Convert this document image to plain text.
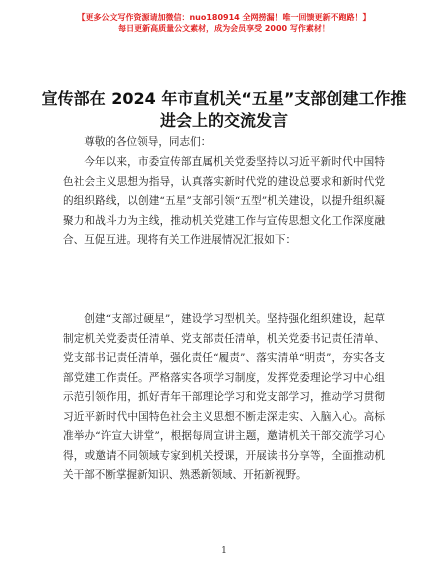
【更多公文写作资源请加微信：nuo180914 全网捞漏！唯一回馈更新不跑路！】
每日更新高质量公文素材，成为会员享受 2000 写作素材！
宣传部在 2024 年市直机关“五星”支部创建工作推进会上的交流发言

尊敬的各位领导，同志们：

今年以来，市委宣传部直属机关党委坚持以习近平新时代中国特色社会主义思想为指导，认真落实新时代党的建设总要求和新时代党的组织路线，以创建“五星”支部引领“五型”机关建设，以提升组织凝聚力和战斗力为主线，推动机关党建工作与宣传思想文化工作深度融合、互促互进。现将有关工作进展情况汇报如下：

创建“支部过硬星”，建设学习型机关。坚持强化组织建设，起草制定机关党委责任清单、党支部责任清单，机关党委书记责任清单、党支部书记责任清单，强化责任“履责”、落实清单“明责”，夯实各支部党建工作责任。严格落实各项学习制度，发挥党委理论学习中心组示范引领作用，抓好青年干部理论学习和党支部学习，推动学习贯彻习近平新时代中国特色社会主义思想不断走深走实、入脑入心。高标准举办“许宣大讲堂”，根据每周宣讲主题，邀请机关干部交流学习心得，或邀请不同领域专家到机关授课，开展读书分享等，全面推动机关干部不断掌握新知识、熟悉新领域、开拓新视野。

1
